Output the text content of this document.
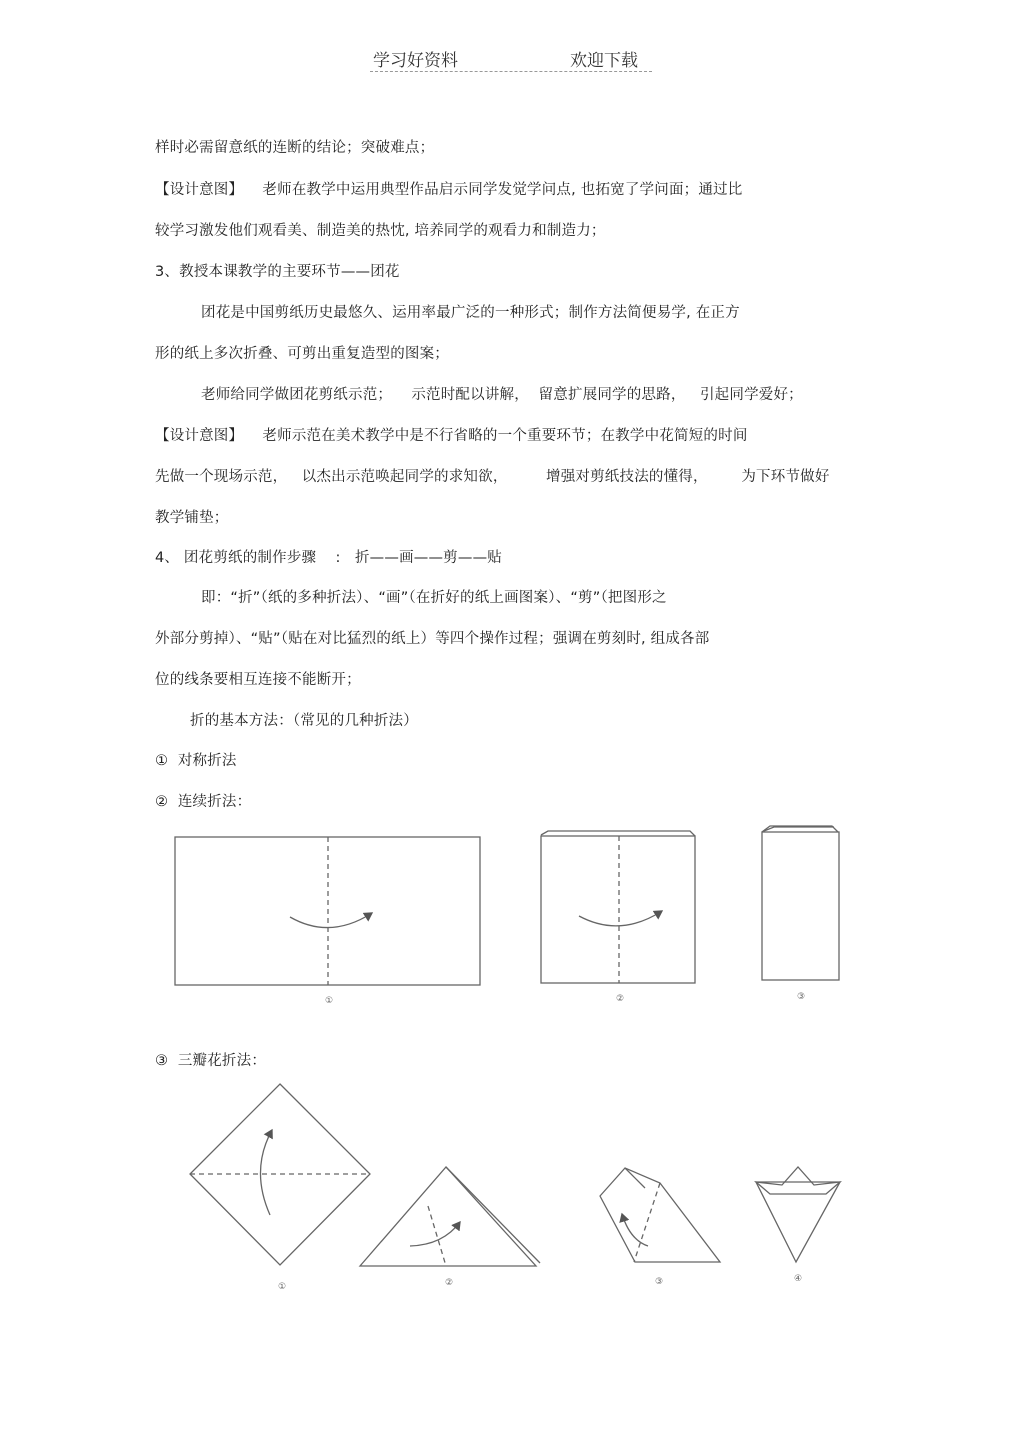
学习好资料	欢迎下载
样时必需留意纸的连断的结论；突破难点；
【设计意图】    老师在教学中运用典型作品启示同学发觉学问点, 也拓宽了学问面；通过比
较学习激发他们观看美、制造美的热忱, 培养同学的观看力和制造力；
3、教授本课教学的主要环节——团花
团花是中国剪纸历史最悠久、运用率最广泛的一种形式；制作方法简便易学, 在正方
形的纸上多次折叠、可剪出重复造型的图案；
老师给同学做团花剪纸示范；    示范时配以讲解，  留意扩展同学的思路，   引起同学爱好；
【设计意图】    老师示范在美术教学中是不行省略的一个重要环节；在教学中花简短的时间
先做一个现场示范，   以杰出示范唤起同学的求知欲，        增强对剪纸技法的懂得，       为下环节做好
教学铺垫；
4、 团花剪纸的制作步骤    :   折——画——剪——贴
即：“折”（纸的多种折法）、“画”（在折好的纸上画图案）、“剪”（把图形之
外部分剪掉）、“贴”（贴在对比猛烈的纸上）等四个操作过程；强调在剪刻时, 组成各部
位的线条要相互连接不能断开；
折的基本方法：（常见的几种折法）
①  对称折法
②  连续折法：
③  三瓣花折法：
①	②	③
①	②	③	④
